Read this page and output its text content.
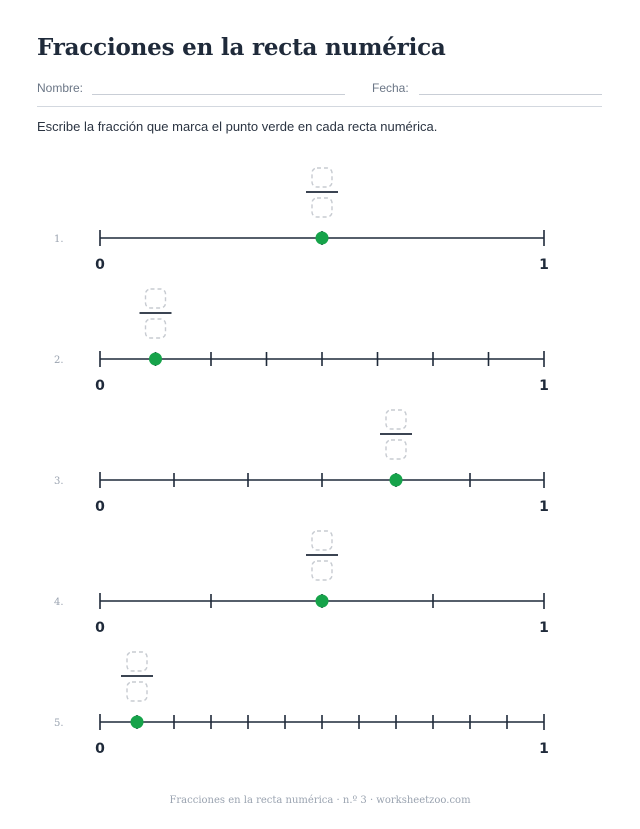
Fracciones en la recta numérica
Nombre:	Fecha:

Escribe la fracción que marca el punto verde en cada recta numérica.

1.
0	1
2.
0	1
3.
0	1
4.
0	1
5.
0	1
Fracciones en la recta numérica · n.º 3 · worksheetzoo.com
